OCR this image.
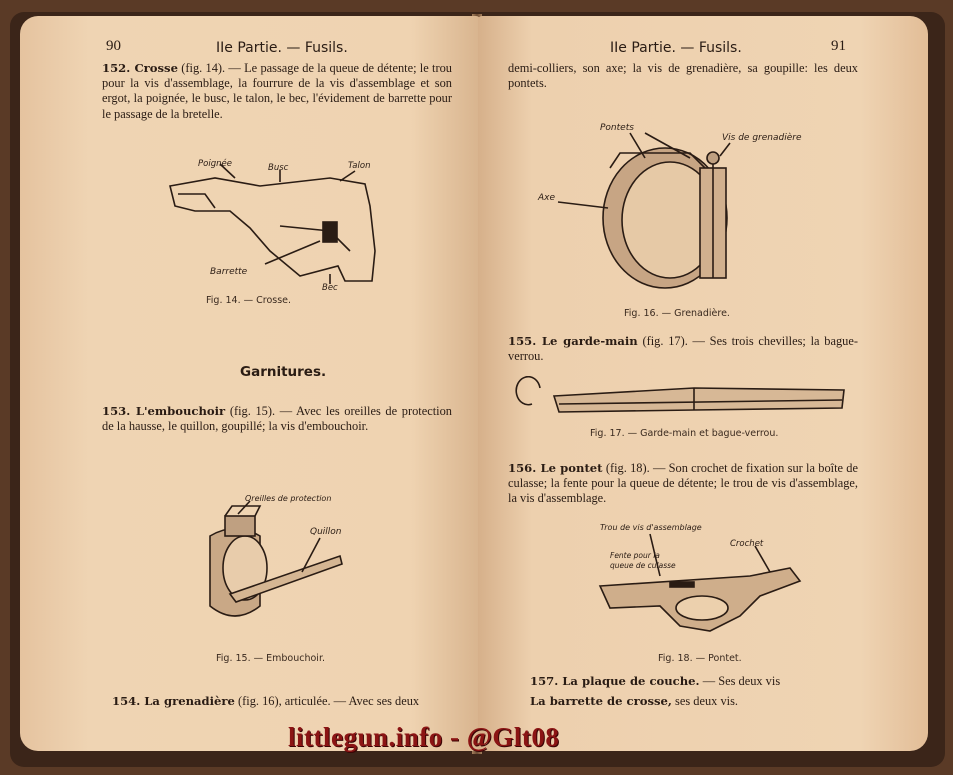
90	IIe Partie. — Fusils.
152. Crosse (fig. 14). — Le passage de la queue de détente; le trou pour la vis d'assemblage, la fourrure de la vis d'assemblage et son ergot, la poignée, le busc, le talon, le bec, l'évidement de barrette pour le passage de la bretelle.
Poignée	Busc	Talon
Barrette
Bec
Fig. 14. — Crosse.
Garnitures.
153. L'embouchoir (fig. 15). — Avec les oreilles de protection de la hausse, le quillon, goupillé; la vis d'embouchoir.
Oreilles de protection
Quillon
Fig. 15. — Embouchoir.
154. La grenadière (fig. 16), articulée. — Avec ses deux
IIe Partie. — Fusils.	91
demi-colliers, son axe; la vis de grenadière, sa goupille: les deux pontets.
Pontets
Vis de grenadière
Axe
Fig. 16. — Grenadière.
155. Le garde-main (fig. 17). — Ses trois chevilles; la bague-verrou.
Fig. 17. — Garde-main et bague-verrou.
156. Le pontet (fig. 18). — Son crochet de fixation sur la boîte de culasse; la fente pour la queue de détente; le trou de vis d'assemblage, la vis d'assemblage.
Trou de vis d'assemblage
Crochet
Fente pour la
queue de culasse
Fig. 18. — Pontet.
157. La plaque de couche. — Ses deux vis
La barrette de crosse, ses deux vis.
littlegun.info - @Glt08
